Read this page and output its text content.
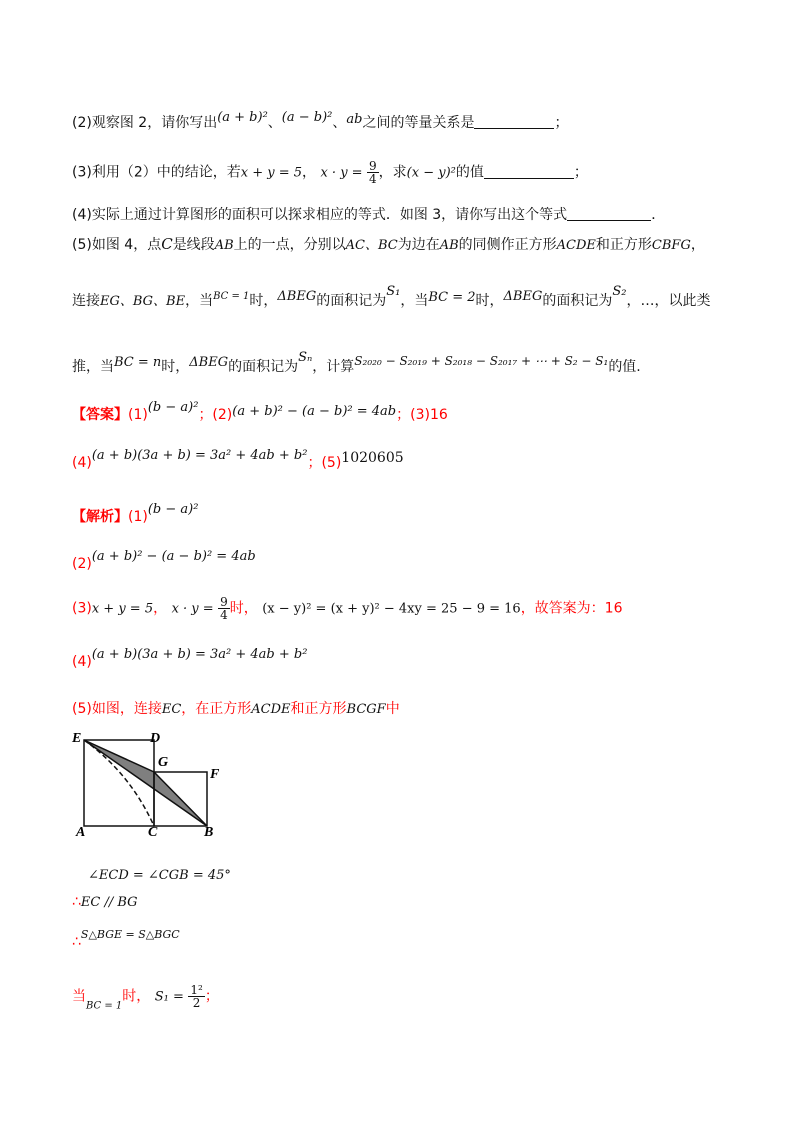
(2)观察图 2，请你写出(a + b)²、(a − b)²、ab之间的等量关系是	；
(3)利用（2）中的结论，若x + y = 5， $x \cdot y = \frac{9}{4}$ ，求(x − y)²的值	；
(4)实际上通过计算图形的面积可以探求相应的等式．如图 3，请你写出这个等式	．
(5)如图 4，点C是线段AB上的一点，分别以AC、BC为边在AB的同侧作正方形ACDE和正方形CBFG，
连接EG、BG、BE，当$^{BC = 1}$时，ΔBEG的面积记为S₁，当BC = 2时，ΔBEG的面积记为S₂，…，以此类
推，当BC = n时，ΔBEG的面积记为Sₙ，计算S₂₀₂₀ − S₂₀₁₉ + S₂₀₁₈ − S₂₀₁₇ + ⋯ + S₂ − S₁的值.
【答案】(1)(b − a)²；(2)(a + b)² − (a − b)² = 4ab；(3)16
(4)(a + b)(3a + b) = 3a² + 4ab + b²；(5)1020605
【解析】(1)(b − a)²
(2)(a + b)² − (a − b)² = 4ab
(3)x + y = 5， $x \cdot y = \frac{9}{4}$ 时， (x − y)² = (x + y)² − 4xy = 25 − 9 = 16，故答案为：16
(4)(a + b)(3a + b) = 3a² + 4ab + b²
(5)如图，连接EC，在正方形ACDE和正方形BCGF中
E	D
G
F
A	C	B
∠ECD = ∠CGB = 45°
∴EC // BG
∴S△BGE = S△BGC
当$_{BC = 1}$时， $S_1 = \frac{\text{1²}}{2}$ ；
